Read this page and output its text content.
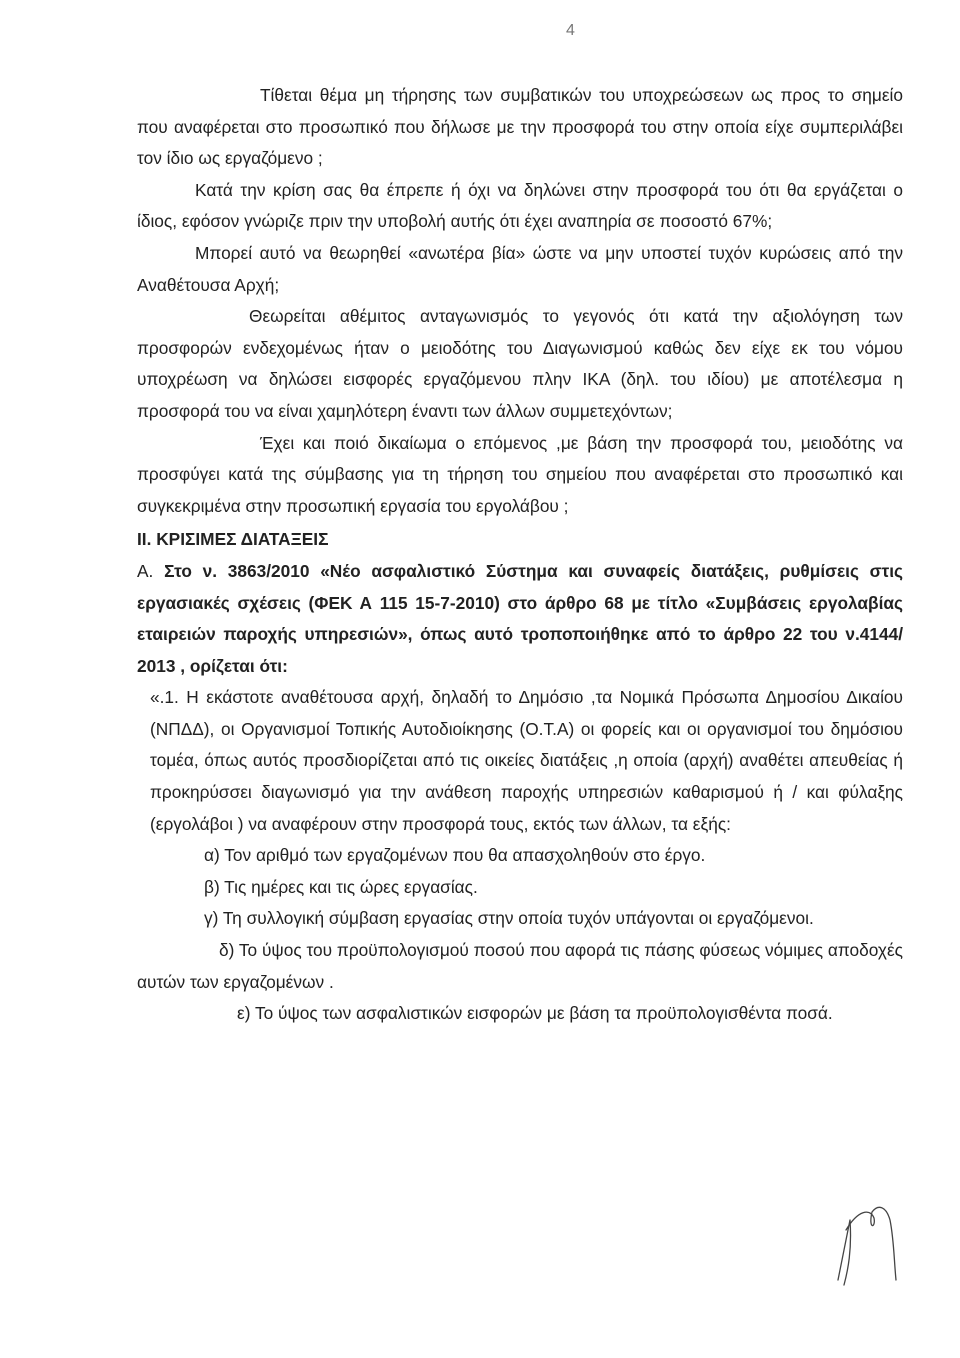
4

Τίθεται θέμα μη τήρησης των συμβατικών του υποχρεώσεων ως προς το σημείο που αναφέρεται στο προσωπικό που δήλωσε με την προσφορά του στην οποία είχε συμπεριλάβει τον ίδιο ως εργαζόμενο ;

Κατά την κρίση σας θα έπρεπε ή όχι να δηλώνει στην προσφορά του ότι θα εργάζεται ο ίδιος, εφόσον γνώριζε πριν την υποβολή αυτής ότι έχει αναπηρία σε ποσοστό 67%;

Μπορεί αυτό να θεωρηθεί «ανωτέρα βία» ώστε να μην υποστεί τυχόν κυρώσεις από την Αναθέτουσα Αρχή;

Θεωρείται αθέμιτος ανταγωνισμός το γεγονός ότι κατά την αξιολόγηση των προσφορών ενδεχομένως ήταν ο μειοδότης του Διαγωνισμού καθώς δεν είχε εκ του νόμου υποχρέωση να δηλώσει εισφορές εργαζόμενου πλην ΙΚΑ (δηλ. του ιδίου) με αποτέλεσμα η προσφορά του να είναι χαμηλότερη έναντι των άλλων συμμετεχόντων;

Έχει και ποιό δικαίωμα ο επόμενος ,με βάση την προσφορά του, μειοδότης να προσφύγει κατά της σύμβασης για τη τήρηση του σημείου που αναφέρεται στο προσωπικό και συγκεκριμένα στην προσωπική εργασία του εργολάβου ;

II. ΚΡΙΣΙΜΕΣ ΔΙΑΤΑΞΕΙΣ

Α. Στο ν. 3863/2010 «Νέο ασφαλιστικό Σύστημα και συναφείς διατάξεις, ρυθμίσεις στις εργασιακές σχέσεις (ΦΕΚ Α 115 15-7-2010) στο άρθρο 68 με τίτλο «Συμβάσεις εργολαβίας εταιρειών παροχής υπηρεσιών», όπως αυτό τροποποιήθηκε από το άρθρο 22 του ν.4144/ 2013 , ορίζεται ότι:

«.1. Η εκάστοτε αναθέτουσα αρχή, δηλαδή το Δημόσιο ,τα Νομικά Πρόσωπα Δημοσίου Δικαίου (ΝΠΔΔ), οι Οργανισμοί Τοπικής Αυτοδιοίκησης (Ο.Τ.Α) οι φορείς και οι οργανισμοί του δημόσιου τομέα, όπως αυτός προσδιορίζεται από τις οικείες διατάξεις ,η οποία (αρχή) αναθέτει απευθείας ή προκηρύσσει διαγωνισμό για την ανάθεση παροχής υπηρεσιών καθαρισμού ή / και φύλαξης (εργολάβοι ) να αναφέρουν στην προσφορά τους, εκτός των άλλων, τα εξής:

α) Τον αριθμό των εργαζομένων που θα απασχοληθούν στο έργο.

β) Τις ημέρες και τις ώρες εργασίας.

γ) Τη συλλογική σύμβαση εργασίας στην οποία τυχόν υπάγονται οι εργαζόμενοι.

δ) Το ύψος του προϋπολογισμού ποσού που αφορά τις πάσης φύσεως νόμιμες αποδοχές αυτών των εργαζομένων .

ε) Το ύψος των ασφαλιστικών εισφορών με βάση τα προϋπολογισθέντα ποσά.
